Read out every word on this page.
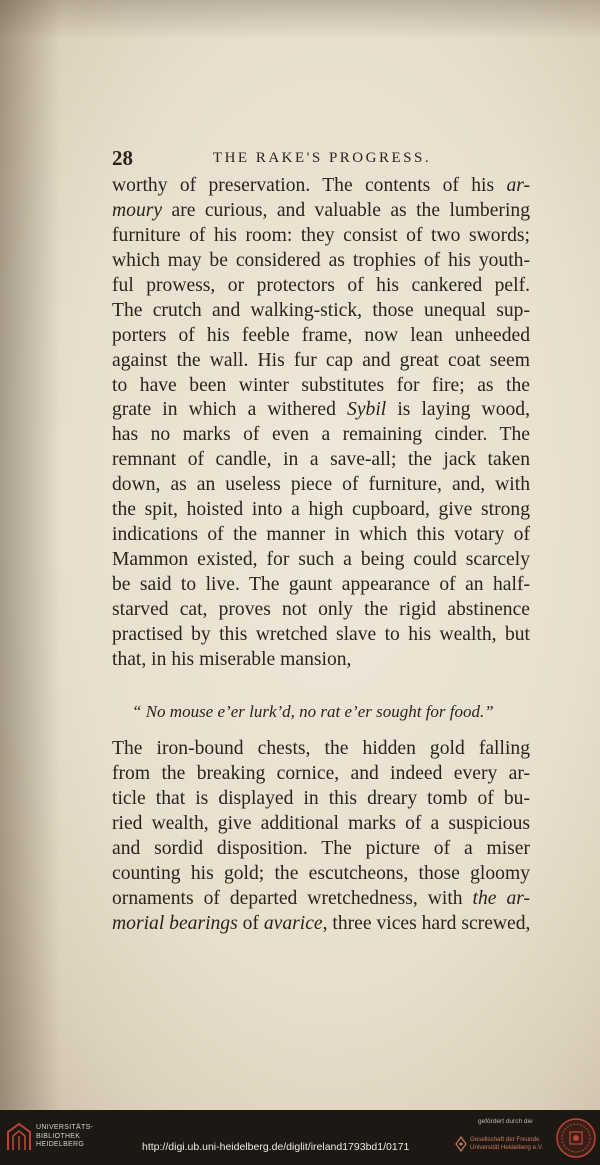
28	THE RAKE'S PROGRESS.
worthy of preservation. The contents of his ar-
moury are curious, and valuable as the lumbering
furniture of his room: they consist of two swords;
which may be considered as trophies of his youth-
ful prowess, or protectors of his cankered pelf.
The crutch and walking-stick, those unequal sup-
porters of his feeble frame, now lean unheeded
against the wall. His fur cap and great coat seem
to have been winter substitutes for fire; as the
grate in which a withered Sybil is laying wood,
has no marks of even a remaining cinder. The
remnant of candle, in a save-all; the jack taken
down, as an useless piece of furniture, and, with
the spit, hoisted into a high cupboard, give strong
indications of the manner in which this votary of
Mammon existed, for such a being could scarcely
be said to live. The gaunt appearance of an half-
starved cat, proves not only the rigid abstinence
practised by this wretched slave to his wealth, but
that, in his miserable mansion,
“ No mouse e’er lurk’d, no rat e’er sought for food.”
The iron-bound chests, the hidden gold falling
from the breaking cornice, and indeed every ar-
ticle that is displayed in this dreary tomb of bu-
ried wealth, give additional marks of a suspicious
and sordid disposition. The picture of a miser
counting his gold; the escutcheons, those gloomy
ornaments of departed wretchedness, with the ar-
morial bearings of avarice, three vices hard screwed,
UNIVERSITÄTS-
BIBLIOTHEK
HEIDELBERG	http://digi.ub.uni-heidelberg.de/diglit/ireland1793bd1/0171
gefördert durch die
Gesellschaft der Freunde
Universität Heidelberg e.V.
